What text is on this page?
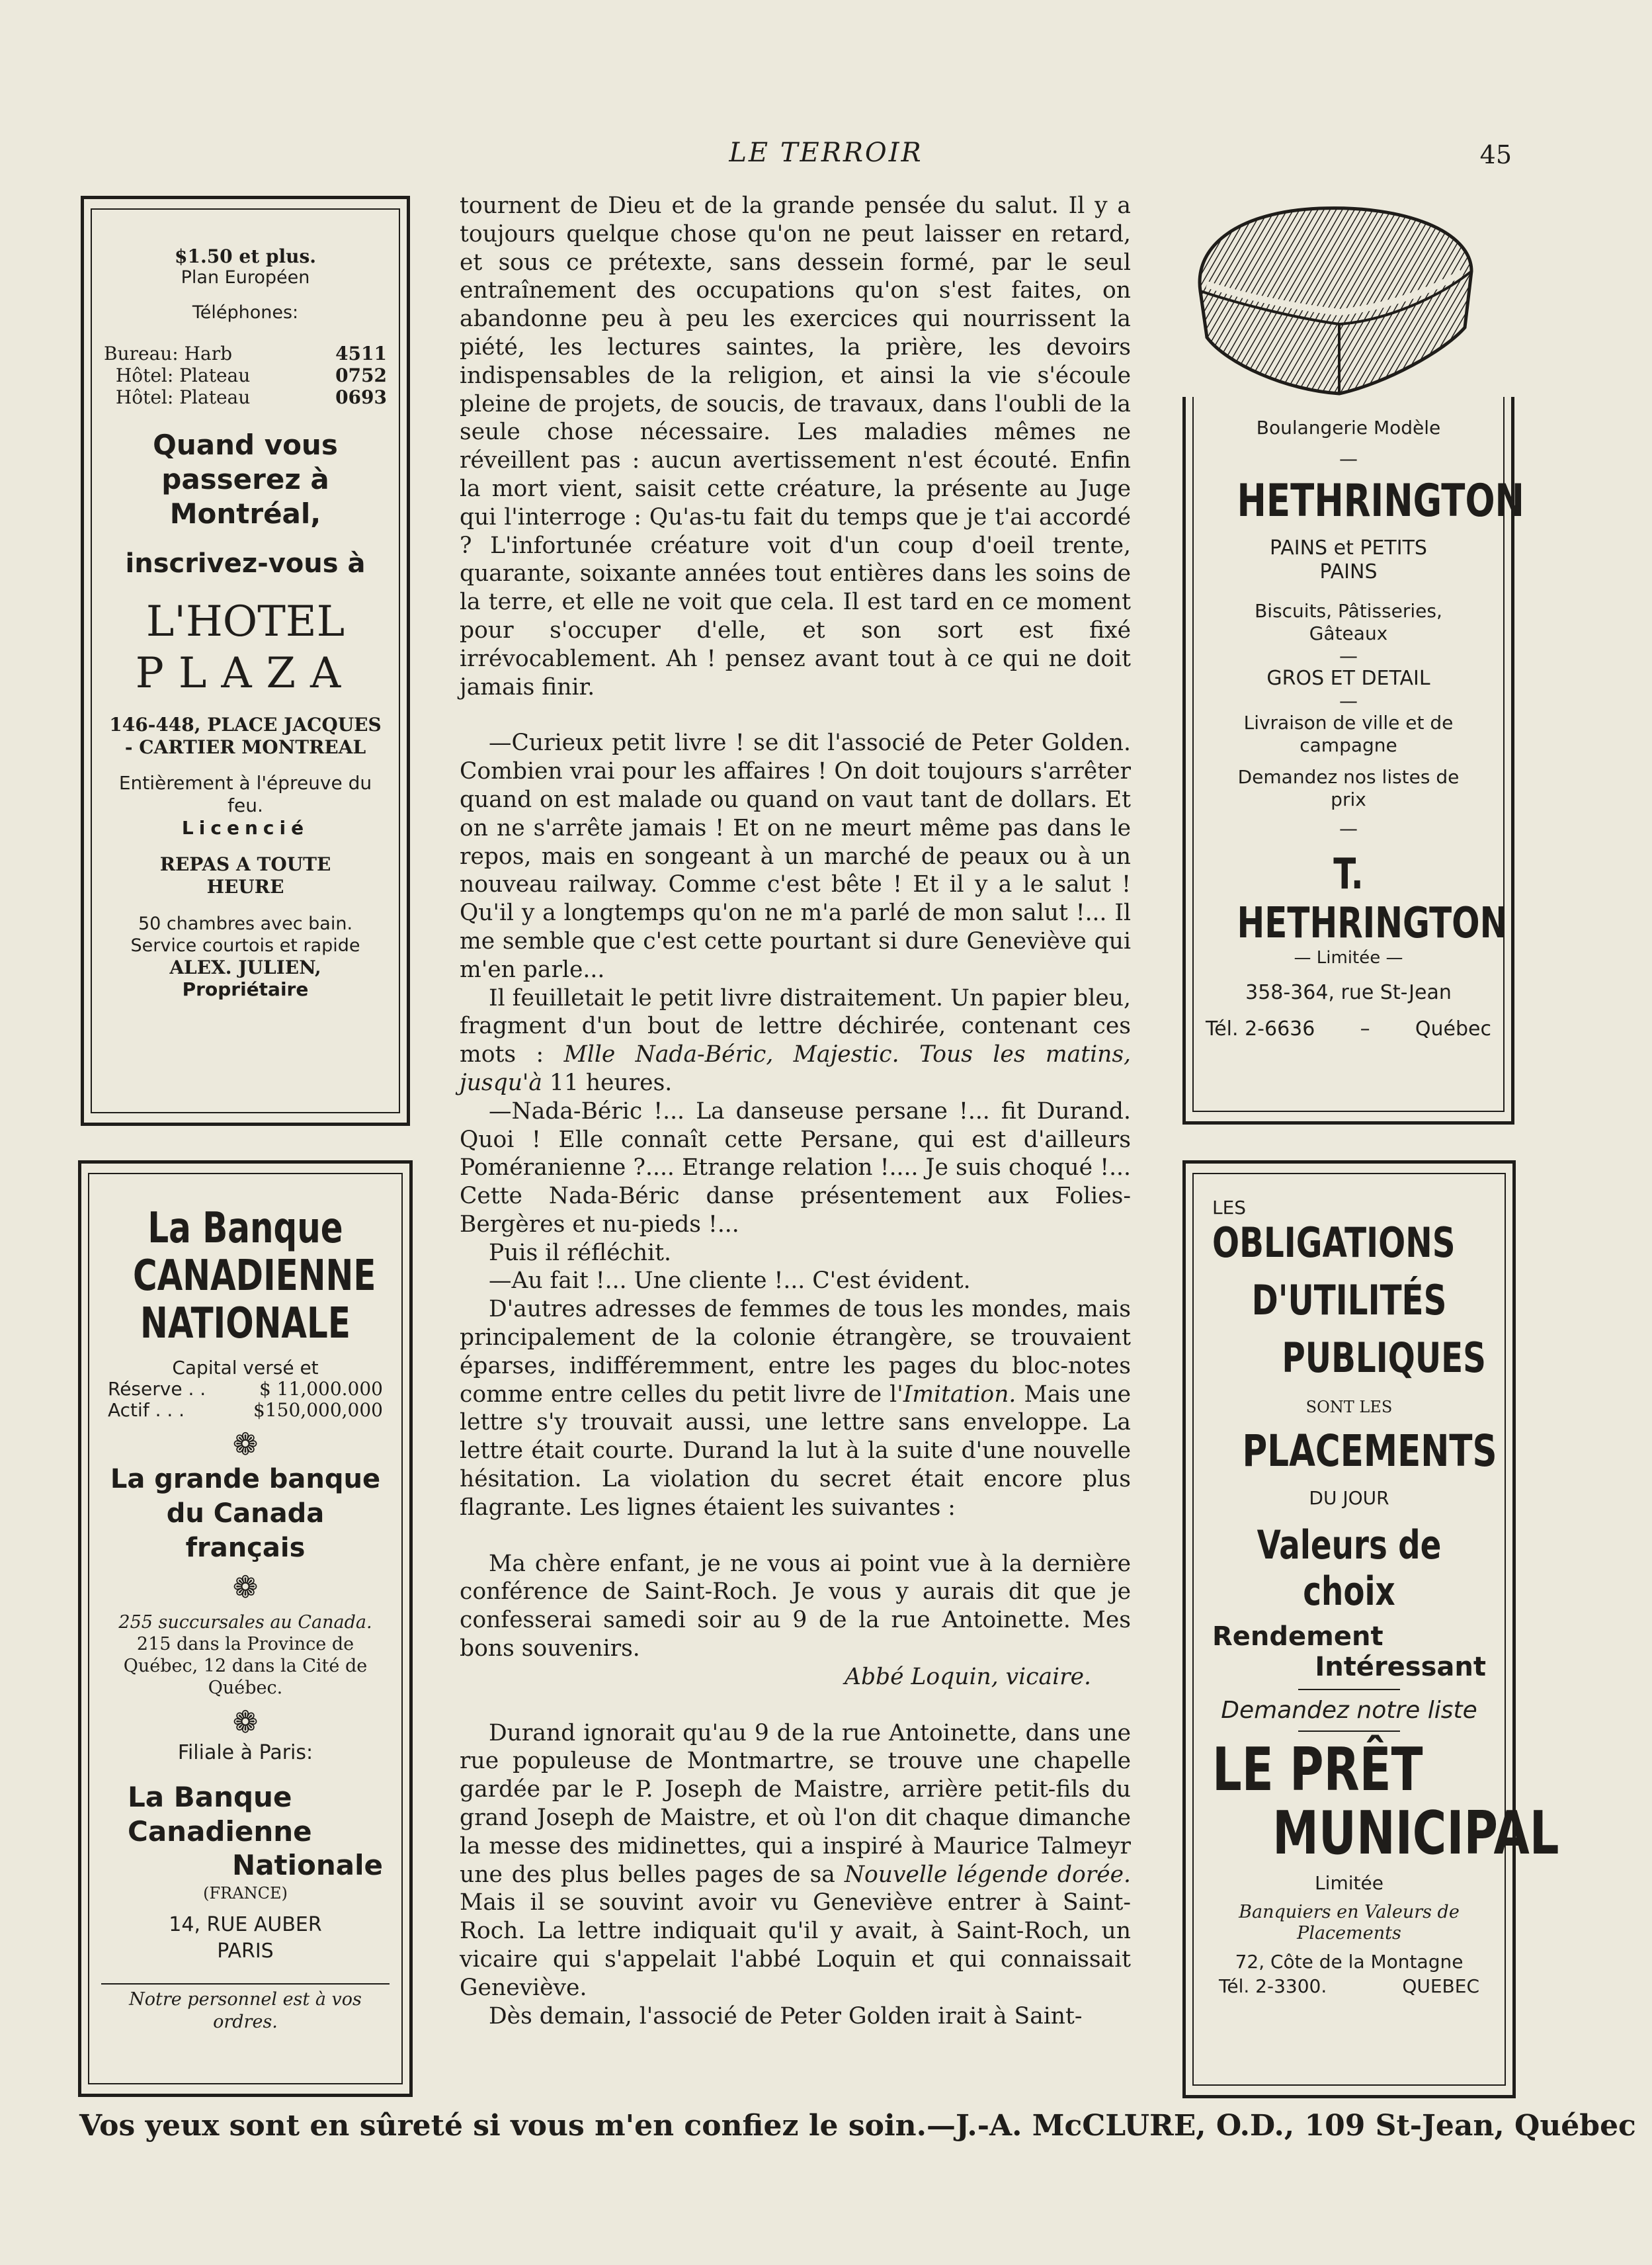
LE TERROIR	45
$1.50 et plus.
Plan Européen
Téléphones:
Bureau: Harb	4511
Hôtel: Plateau	0752
Hôtel: Plateau	0693
Quand vous passerez à Montréal,
inscrivez-vous à
L'HOTEL
PLAZA
146-448, PLACE JACQUES - CARTIER MONTREAL
Entièrement à l'épreuve du feu.
Licencié
REPAS A TOUTE HEURE
50 chambres avec bain. Service courtois et rapide
ALEX. JULIEN,
Propriétaire
La Banque
CANADIENNE
NATIONALE
Capital versé et
Réserve . .	$ 11,000.000
Actif . . .	$150,000,000
❁
La grande banque du Canada français
❁
255 succursales au Canada. 215 dans la Province de Québec, 12 dans la Cité de Québec.
❁
Filiale à Paris:
La Banque Canadienne
Nationale
(FRANCE)
14, RUE AUBER PARIS
Notre personnel est à vos ordres.

tournent de Dieu et de la grande pensée du salut. Il y a toujours quelque chose qu'on ne peut laisser en retard, et sous ce prétexte, sans dessein formé, par le seul entraînement des occupations qu'on s'est faites, on abandonne peu à peu les exercices qui nourrissent la piété, les lectures saintes, la prière, les devoirs indispensables de la religion, et ainsi la vie s'écoule pleine de projets, de soucis, de travaux, dans l'oubli de la seule chose nécessaire. Les maladies mêmes ne réveillent pas : aucun avertissement n'est écouté. Enfin la mort vient, saisit cette créature, la présente au Juge qui l'interroge : Qu'as-tu fait du temps que je t'ai accordé ? L'infortunée créature voit d'un coup d'oeil trente, quarante, soixante années tout entières dans les soins de la terre, et elle ne voit que cela. Il est tard en ce moment pour s'occuper d'elle, et son sort est fixé irrévocablement. Ah ! pensez avant tout à ce qui ne doit jamais finir.

—Curieux petit livre ! se dit l'associé de Peter Golden. Combien vrai pour les affaires ! On doit toujours s'arrêter quand on est malade ou quand on vaut tant de dollars. Et on ne s'arrête jamais ! Et on ne meurt même pas dans le repos, mais en songeant à un marché de peaux ou à un nouveau railway. Comme c'est bête ! Et il y a le salut ! Qu'il y a longtemps qu'on ne m'a parlé de mon salut !... Il me semble que c'est cette pourtant si dure Geneviève qui m'en parle...

Il feuilletait le petit livre distraitement. Un papier bleu, fragment d'un bout de lettre déchirée, contenant ces mots : Mlle Nada-Béric, Majestic. Tous les matins, jusqu'à 11 heures.

—Nada-Béric !... La danseuse persane !... fit Durand. Quoi ! Elle connaît cette Persane, qui est d'ailleurs Poméranienne ?.... Etrange relation !.... Je suis choqué !... Cette Nada-Béric danse présentement aux Folies-Bergères et nu-pieds !...

Puis il réfléchit.

—Au fait !... Une cliente !... C'est évident.

D'autres adresses de femmes de tous les mondes, mais principalement de la colonie étrangère, se trouvaient éparses, indifféremment, entre les pages du bloc-notes comme entre celles du petit livre de l'Imitation. Mais une lettre s'y trouvait aussi, une lettre sans enveloppe. La lettre était courte. Durand la lut à la suite d'une nouvelle hésitation. La violation du secret était encore plus flagrante. Les lignes étaient les suivantes :

Ma chère enfant, je ne vous ai point vue à la dernière conférence de Saint-Roch. Je vous y aurais dit que je confesserai samedi soir au 9 de la rue Antoinette. Mes bons souvenirs.

Abbé Loquin, vicaire.

Durand ignorait qu'au 9 de la rue Antoinette, dans une rue populeuse de Montmartre, se trouve une chapelle gardée par le P. Joseph de Maistre, arrière petit-fils du grand Joseph de Maistre, et où l'on dit chaque dimanche la messe des midinettes, qui a inspiré à Maurice Talmeyr une des plus belles pages de sa Nouvelle légende dorée. Mais il se souvint avoir vu Geneviève entrer à Saint-Roch. La lettre indiquait qu'il y avait, à Saint-Roch, un vicaire qui s'appelait l'abbé Loquin et qui connaissait Geneviève.

Dès demain, l'associé de Peter Golden irait à Saint-

Boulangerie Modèle
—
HETHRINGTON
PAINS et PETITS PAINS
Biscuits, Pâtisseries, Gâteaux
—
GROS ET DETAIL
—
Livraison de ville et de campagne
Demandez nos listes de prix
—
T. HETHRINGTON
— Limitée —
358-364, rue St-Jean
Tél. 2-6636 – Québec
LES
OBLIGATIONS
D'UTILITÉS
PUBLIQUES
SONT LES
PLACEMENTS
DU JOUR
Valeurs de choix
Rendement
Intéressant
Demandez notre liste
LE PRÊT
MUNICIPAL
Limitée
Banquiers en Valeurs de Placements
72, Côte de la Montagne
Tél. 2-3300.	QUEBEC
Vos yeux sont en sûreté si vous m'en confiez le soin.—J.-A. McCLURE, O.D., 109 St-Jean, Québec
